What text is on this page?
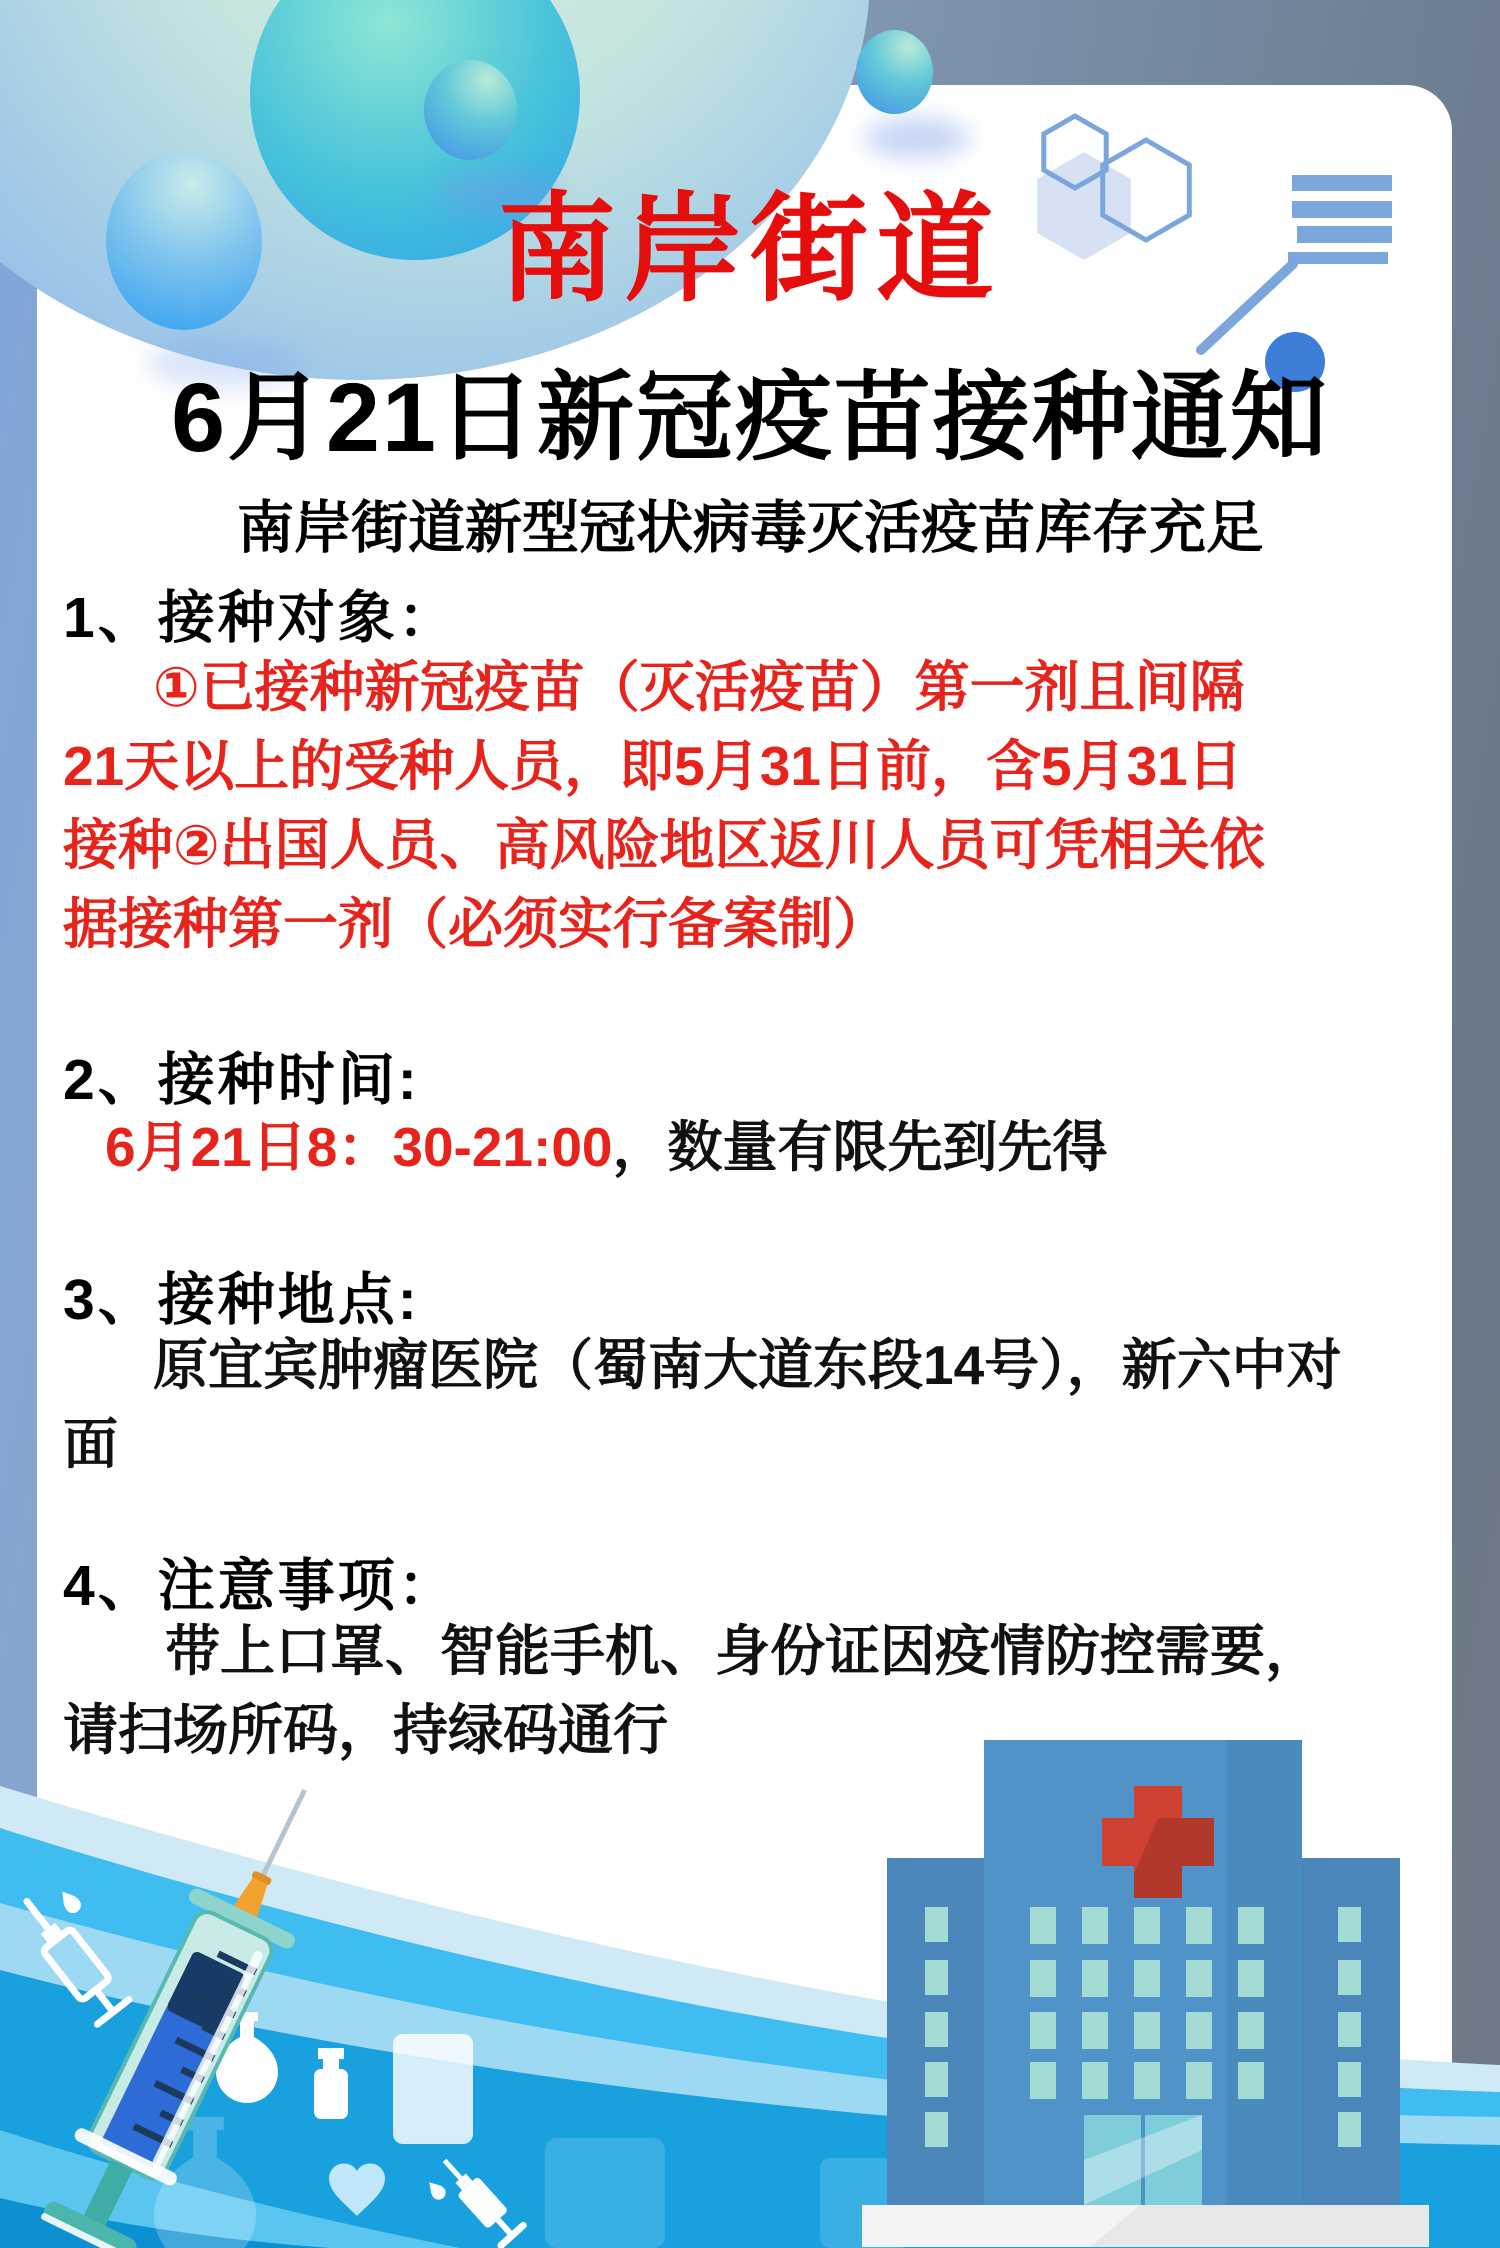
南岸街道
6月21日新冠疫苗接种通知
南岸街道新型冠状病毒灭活疫苗库存充足
1、接种对象：
①已接种新冠疫苗（灭活疫苗）第一剂且间隔
21天以上的受种人员，即5月31日前，含5月31日
接种②出国人员、高风险地区返川人员可凭相关依
据接种第一剂（必须实行备案制）
2、接种时间:
6月21日8：30-21:00，数量有限先到先得
3、接种地点:
原宜宾肿瘤医院（蜀南大道东段14号），新六中对
面
4、注意事项：
带上口罩、智能手机、身份证因疫情防控需要，
请扫场所码，持绿码通行
